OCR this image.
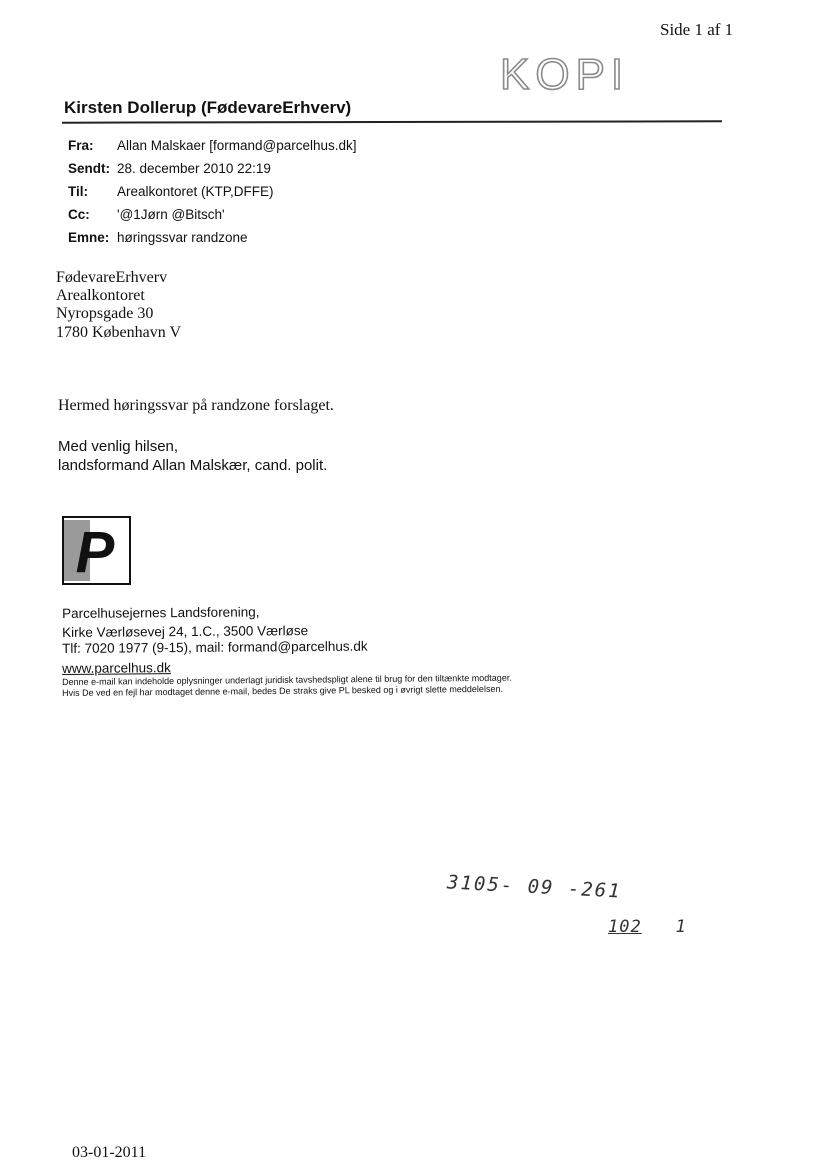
Side 1 af 1
KOPI
Kirsten Dollerup (FødevareErhverv)
Fra: Allan Malskaer [formand@parcelhus.dk]
Sendt: 28. december 2010 22:19
Til: Arealkontoret (KTP,DFFE)
Cc: '@1Jørn @Bitsch'
Emne: høringssvar randzone
FødevareErhverv
Arealkontoret
Nyropsgade 30
1780 København V
Hermed høringssvar på randzone forslaget.
Med venlig hilsen,
landsformand Allan Malskær, cand. polit.
P
Parcelhusejernes Landsforening,
Kirke Værløsevej 24, 1.C., 3500 Værløse
Tlf: 7020 1977 (9-15), mail: formand@parcelhus.dk
www.parcelhus.dk
Denne e-mail kan indeholde oplysninger underlagt juridisk tavshedspligt alene til brug for den tiltænkte modtager.
Hvis De ved en fejl har modtaget denne e-mail, bedes De straks give PL besked og i øvrigt slette meddelelsen.
3105- 09 -261
102 1
03-01-2011
